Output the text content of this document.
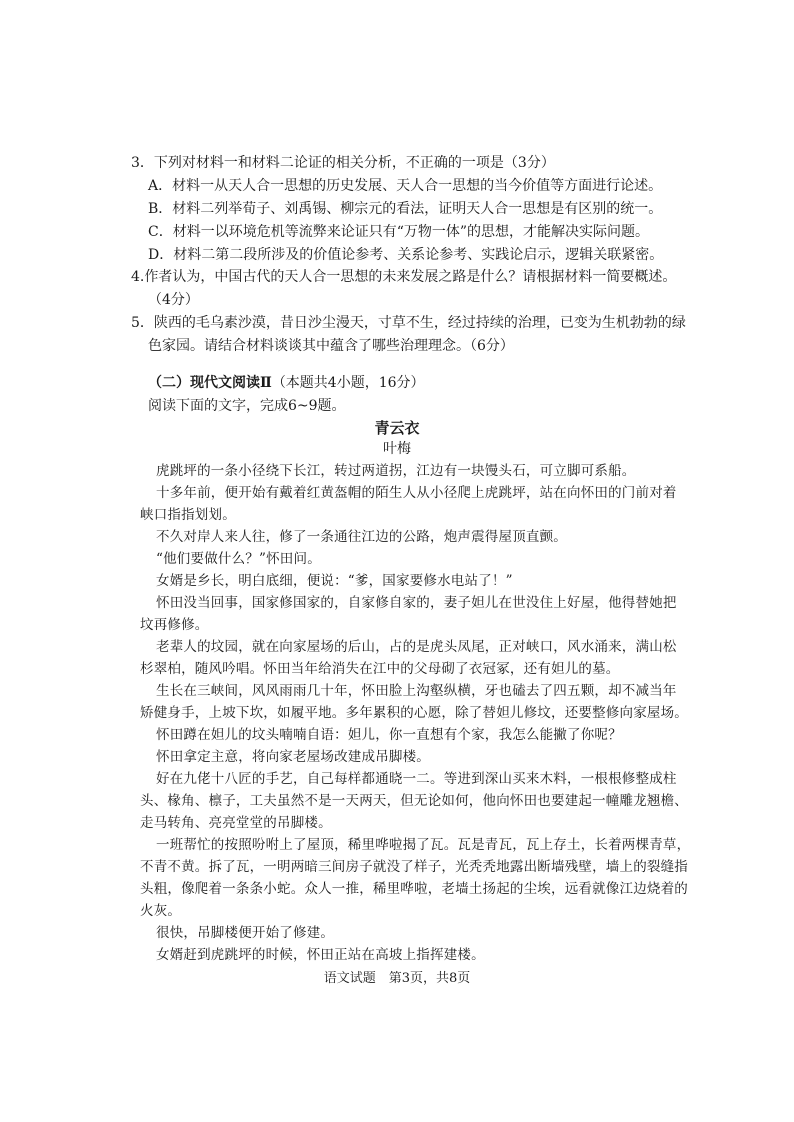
3．下列对材料一和材料二论证的相关分析，不正确的一项是（3分）
A．材料一从天人合一思想的历史发展、天人合一思想的当今价值等方面进行论述。
B．材料二列举荀子、刘禹锡、柳宗元的看法，证明天人合一思想是有区别的统一。
C．材料一以环境危机等流弊来论证只有“万物一体”的思想，才能解决实际问题。
D．材料二第二段所涉及的价值论参考、关系论参考、实践论启示，逻辑关联紧密。
4.作者认为，中国古代的天人合一思想的未来发展之路是什么？请根据材料一简要概述。
（4分）
5．陕西的毛乌素沙漠，昔日沙尘漫天，寸草不生，经过持续的治理，已变为生机勃勃的绿
色家园。请结合材料谈谈其中蕴含了哪些治理理念。（6分）
（二）现代文阅读Ⅱ（本题共4小题，16分）
阅读下面的文字，完成6~9题。
青云衣
叶梅
虎跳坪的一条小径绕下长江，转过两道拐，江边有一块馒头石，可立脚可系船。
十多年前，便开始有戴着红黄盔帽的陌生人从小径爬上虎跳坪，站在向怀田的门前对着
峡口指指划划。
不久对岸人来人往，修了一条通往江边的公路，炮声震得屋顶直颤。
“他们要做什么？”怀田问。
女婿是乡长，明白底细，便说：“爹，国家要修水电站了！”
怀田没当回事，国家修国家的，自家修自家的，妻子妲儿在世没住上好屋，他得替她把
坟再修修。
老辈人的坟园，就在向家屋场的后山，占的是虎头凤尾，正对峡口，风水涌来，满山松
杉翠柏，随风吟唱。怀田当年给消失在江中的父母砌了衣冠冢，还有妲儿的墓。
生长在三峡间，风风雨雨几十年，怀田脸上沟壑纵横，牙也磕去了四五颗，却不减当年
矫健身手，上坡下坎，如履平地。多年累积的心愿，除了替妲儿修坟，还要整修向家屋场。
怀田蹲在妲儿的坟头喃喃自语：妲儿，你一直想有个家，我怎么能撇了你呢？
怀田拿定主意，将向家老屋场改建成吊脚楼。
好在九佬十八匠的手艺，自己每样都通晓一二。等进到深山买来木料，一根根修整成柱
头、椽角、檩子，工夫虽然不是一天两天，但无论如何，他向怀田也要建起一幢雕龙翘檐、
走马转角、亮亮堂堂的吊脚楼。
一班帮忙的按照吩咐上了屋顶，稀里哗啦揭了瓦。瓦是青瓦，瓦上存土，长着两棵青草，
不青不黄。拆了瓦，一明两暗三间房子就没了样子，光秃秃地露出断墙残壁，墙上的裂缝指
头粗，像爬着一条条小蛇。众人一推，稀里哗啦，老墙土扬起的尘埃，远看就像江边烧着的
火灰。
很快，吊脚楼便开始了修建。
女婿赶到虎跳坪的时候，怀田正站在高坡上指挥建楼。
语文试题　第3页，共8页
